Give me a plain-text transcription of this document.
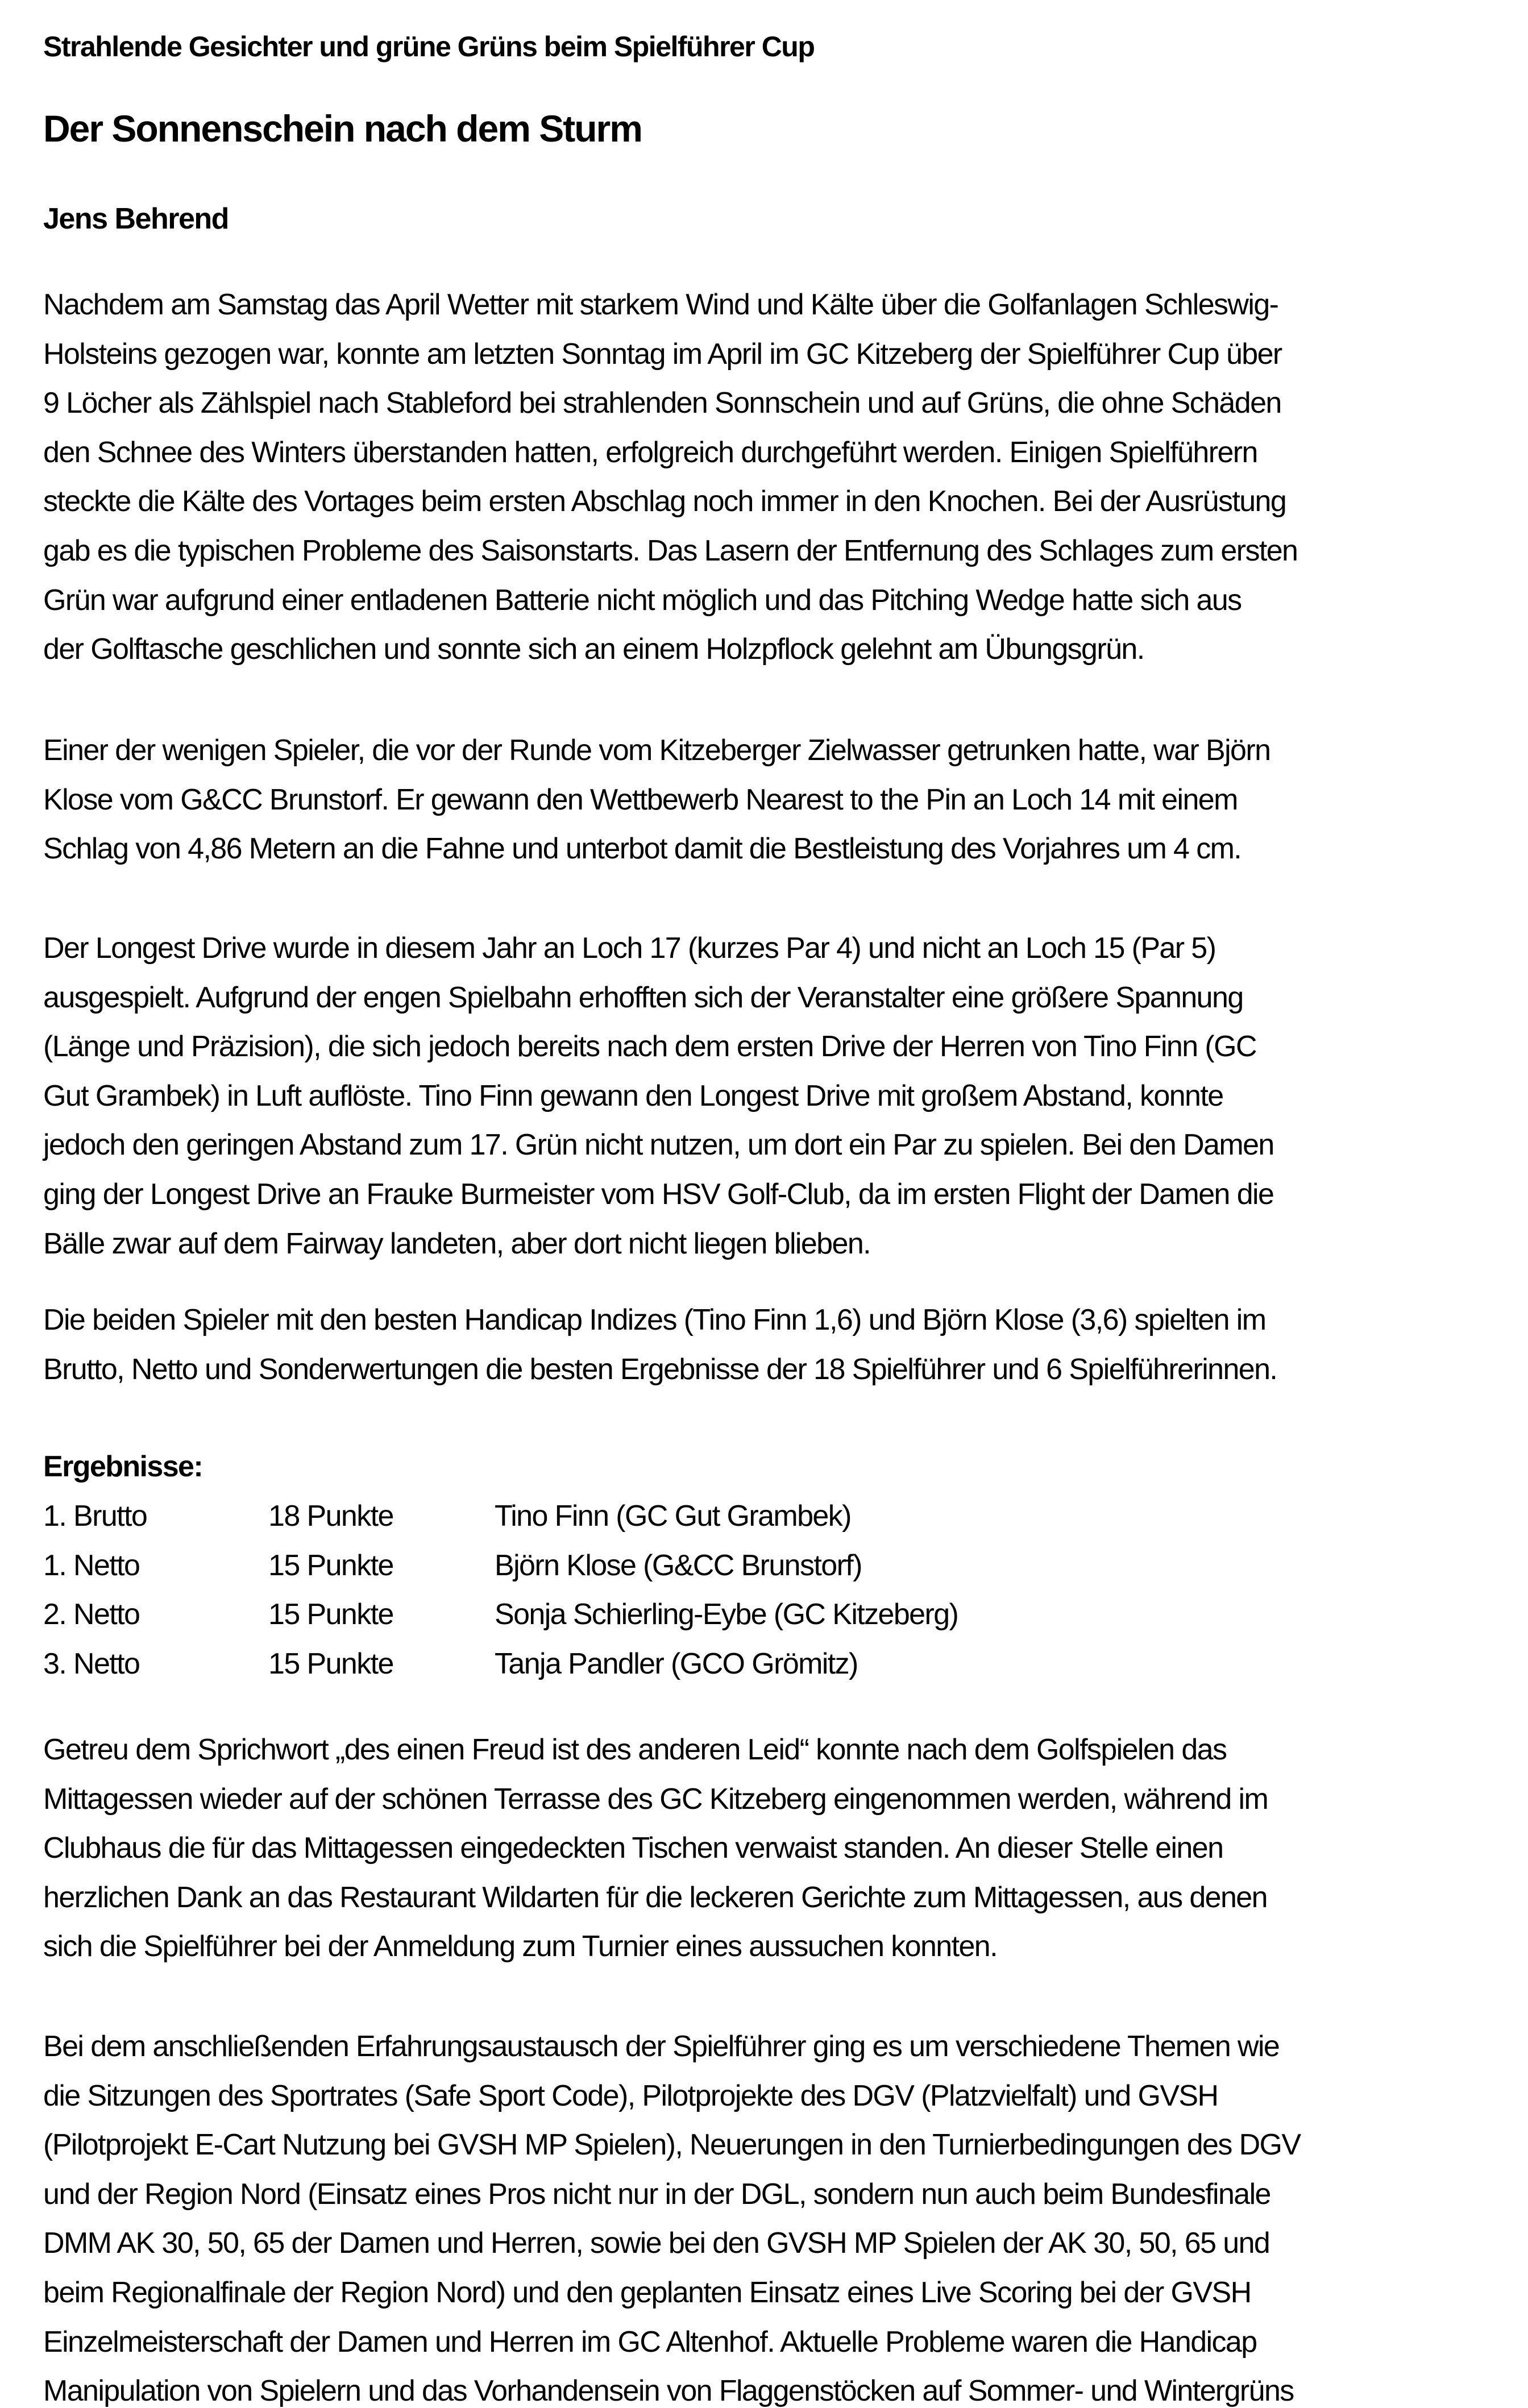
Strahlende Gesichter und grüne Grüns beim Spielführer Cup
Der Sonnenschein nach dem Sturm
Jens Behrend
Nachdem am Samstag das April Wetter mit starkem Wind und Kälte über die Golfanlagen Schleswig-
Holsteins gezogen war, konnte am letzten Sonntag im April im GC Kitzeberg der Spielführer Cup über
9 Löcher als Zählspiel nach Stableford bei strahlenden Sonnschein und auf Grüns, die ohne Schäden
den Schnee des Winters überstanden hatten, erfolgreich durchgeführt werden. Einigen Spielführern
steckte die Kälte des Vortages beim ersten Abschlag noch immer in den Knochen. Bei der Ausrüstung
gab es die typischen Probleme des Saisonstarts. Das Lasern der Entfernung des Schlages zum ersten
Grün war aufgrund einer entladenen Batterie nicht möglich und das Pitching Wedge hatte sich aus
der Golftasche geschlichen und sonnte sich an einem Holzpflock gelehnt am Übungsgrün.
Einer der wenigen Spieler, die vor der Runde vom Kitzeberger Zielwasser getrunken hatte, war Björn
Klose vom G&CC Brunstorf. Er gewann den Wettbewerb Nearest to the Pin an Loch 14 mit einem
Schlag von 4,86 Metern an die Fahne und unterbot damit die Bestleistung des Vorjahres um 4 cm.
Der Longest Drive wurde in diesem Jahr an Loch 17 (kurzes Par 4) und nicht an Loch 15 (Par 5)
ausgespielt. Aufgrund der engen Spielbahn erhofften sich der Veranstalter eine größere Spannung
(Länge und Präzision), die sich jedoch bereits nach dem ersten Drive der Herren von Tino Finn (GC
Gut Grambek) in Luft auflöste. Tino Finn gewann den Longest Drive mit großem Abstand, konnte
jedoch den geringen Abstand zum 17. Grün nicht nutzen, um dort ein Par zu spielen. Bei den Damen
ging der Longest Drive an Frauke Burmeister vom HSV Golf-Club, da im ersten Flight der Damen die
Bälle zwar auf dem Fairway landeten, aber dort nicht liegen blieben.
Die beiden Spieler mit den besten Handicap Indizes (Tino Finn 1,6) und Björn Klose (3,6) spielten im
Brutto, Netto und Sonderwertungen die besten Ergebnisse der 18 Spielführer und 6 Spielführerinnen.
Getreu dem Sprichwort „des einen Freud ist des anderen Leid“ konnte nach dem Golfspielen das
Mittagessen wieder auf der schönen Terrasse des GC Kitzeberg eingenommen werden, während im
Clubhaus die für das Mittagessen eingedeckten Tischen verwaist standen. An dieser Stelle einen
herzlichen Dank an das Restaurant Wildarten für die leckeren Gerichte zum Mittagessen, aus denen
sich die Spielführer bei der Anmeldung zum Turnier eines aussuchen konnten.
Bei dem anschließenden Erfahrungsaustausch der Spielführer ging es um verschiedene Themen wie
die Sitzungen des Sportrates (Safe Sport Code), Pilotprojekte des DGV (Platzvielfalt) und GVSH
(Pilotprojekt E-Cart Nutzung bei GVSH MP Spielen), Neuerungen in den Turnierbedingungen des DGV
und der Region Nord (Einsatz eines Pros nicht nur in der DGL, sondern nun auch beim Bundesfinale
DMM AK 30, 50, 65 der Damen und Herren, sowie bei den GVSH MP Spielen der AK 30, 50, 65 und
beim Regionalfinale der Region Nord) und den geplanten Einsatz eines Live Scoring bei der GVSH
Einzelmeisterschaft der Damen und Herren im GC Altenhof. Aktuelle Probleme waren die Handicap
Manipulation von Spielern und das Vorhandensein von Flaggenstöcken auf Sommer- und Wintergrüns
Ergebnisse:
1. Brutto	18 Punkte	Tino Finn (GC Gut Grambek)
1. Netto	15 Punkte	Björn Klose (G&CC Brunstorf)
2. Netto	15 Punkte	Sonja Schierling-Eybe (GC Kitzeberg)
3. Netto	15 Punkte	Tanja Pandler (GCO Grömitz)
